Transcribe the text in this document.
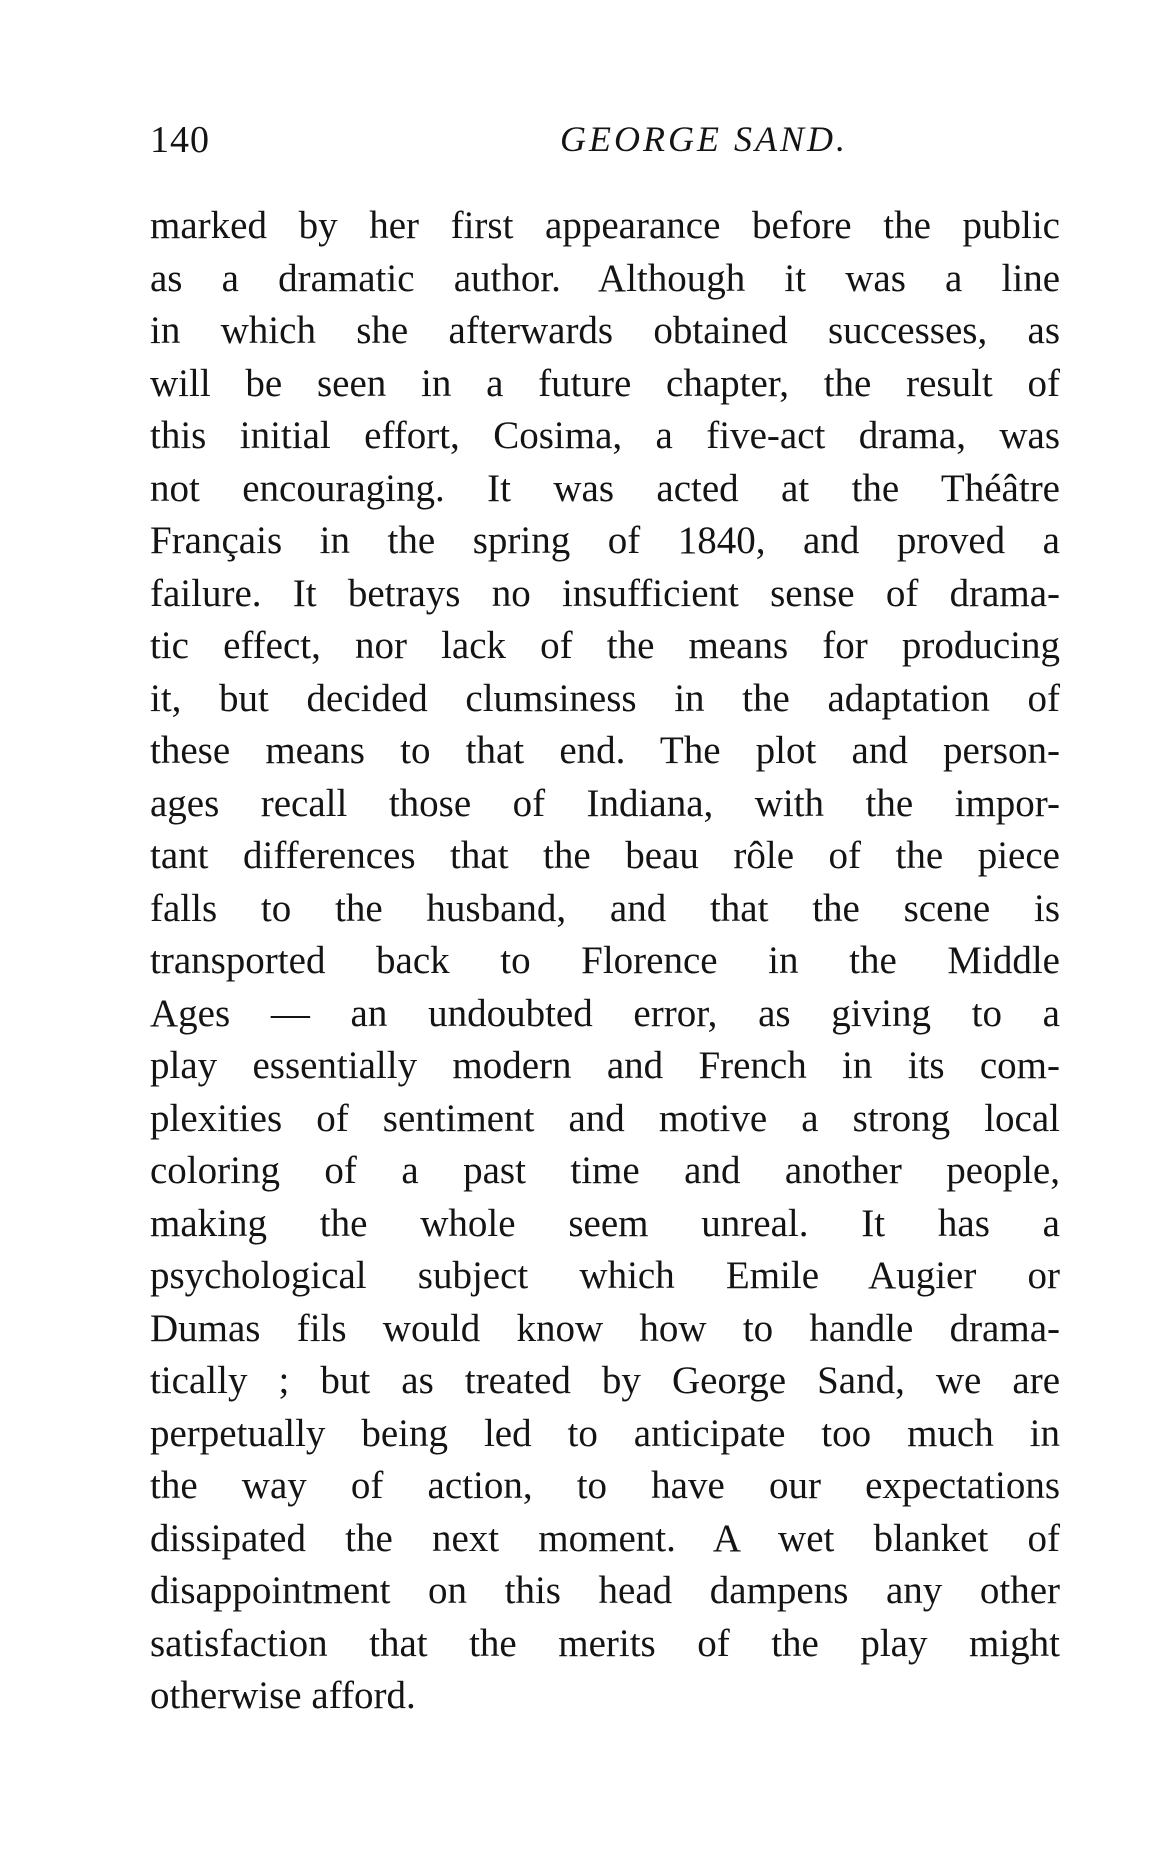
140	GEORGE SAND.
marked by her first appearance before the public
as a dramatic author. Although it was a line
in which she afterwards obtained successes, as
will be seen in a future chapter, the result of
this initial effort, Cosima, a five-act drama, was
not encouraging. It was acted at the Théâtre
Français in the spring of 1840, and proved a
failure. It betrays no insufficient sense of drama-
tic effect, nor lack of the means for producing
it, but decided clumsiness in the adaptation of
these means to that end. The plot and person-
ages recall those of Indiana, with the impor-
tant differences that the beau rôle of the piece
falls to the husband, and that the scene is
transported back to Florence in the Middle
Ages — an undoubted error, as giving to a
play essentially modern and French in its com-
plexities of sentiment and motive a strong local
coloring of a past time and another people,
making the whole seem unreal. It has a
psychological subject which Emile Augier or
Dumas fils would know how to handle drama-
tically ; but as treated by George Sand, we are
perpetually being led to anticipate too much in
the way of action, to have our expectations
dissipated the next moment. A wet blanket of
disappointment on this head dampens any other
satisfaction that the merits of the play might
otherwise afford.
